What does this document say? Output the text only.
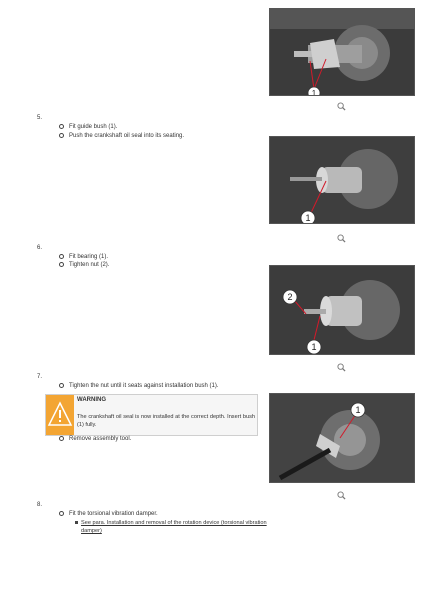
1
5.
Fit guide bush (1).
Push the crankshaft oil seal into its seating.
1
6.
Fit bearing (1).
Tighten nut (2).
2
1
7.
Tighten the nut until it seats against installation bush (1).
WARNING
The crankshaft oil seal is now installed at the correct depth. Insert bush (1) fully.
Remove assembly tool.
1
8.
Fit the torsional vibration damper.
See para. Installation and removal of the rotation device (torsional vibration damper)
